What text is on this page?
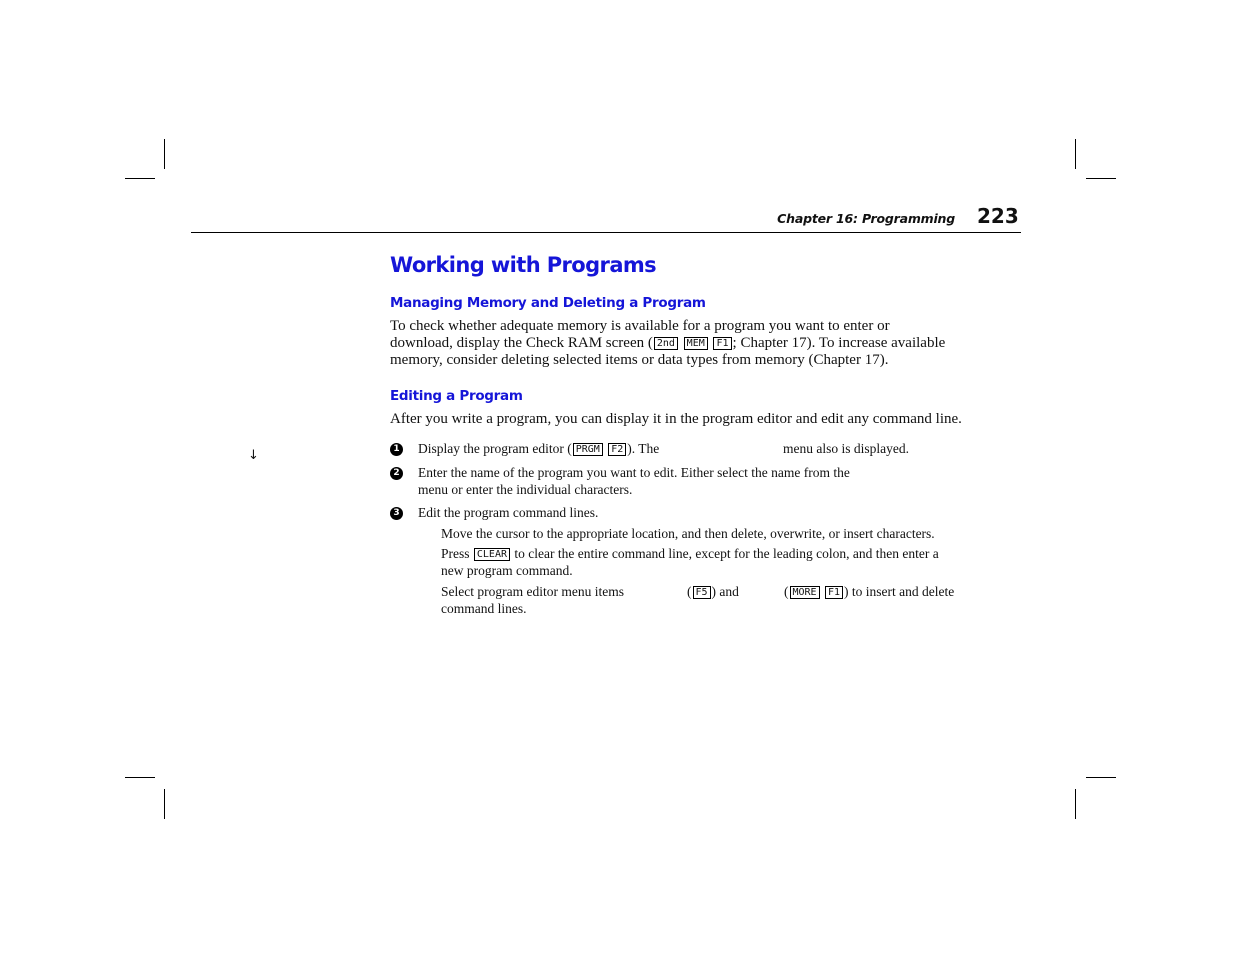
Chapter 16: Programming 223
Working with Programs
Managing Memory and Deleting a Program

To check whether adequate memory is available for a program you want to enter or

download, display the Check RAM screen ( 2nd MEM F1 ; Chapter 17). To increase available

memory, consider deleting selected items or data types from memory (Chapter 17).

Editing a Program

After you write a program, you can display it in the program editor and edit any command line.

↓	1 Display the program editor ( PRGM F2 ). The	menu also is displayed.

2 Enter the name of the program you want to edit. Either select the name from the

menu or enter the individual characters.

3 Edit the program command lines.

Move the cursor to the appropriate location, and then delete, overwrite, or insert characters.

Press CLEAR to clear the entire command line, except for the leading colon, and then enter a

new program command.

Select program editor menu items	( F5 ) and	( MORE F1 ) to insert and delete

command lines.
